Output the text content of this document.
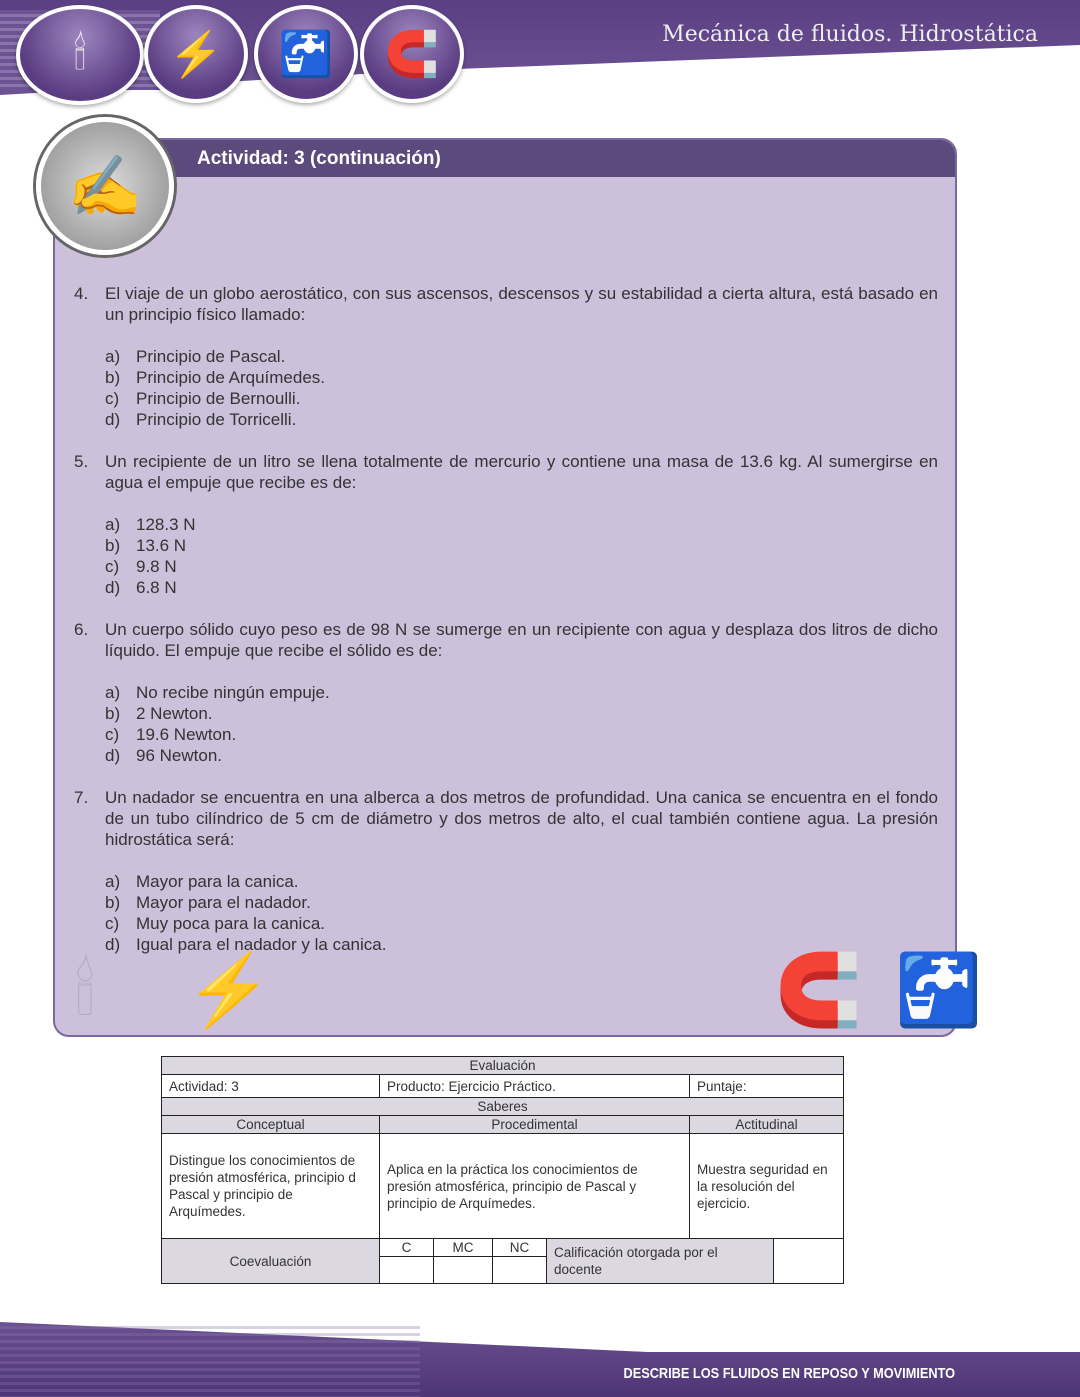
🕯	⚡	🚰	🧲	Mecánica de fluidos. Hidrostática
Actividad: 3 (continuación)
🕯 ⚡	🧲 🚰
✍
4. El viaje de un globo aerostático, con sus ascensos, descensos y su estabilidad a cierta altura, está basado en un principio físico llamado:
a) Principio de Pascal.
b) Principio de Arquímedes.
c) Principio de Bernoulli.
d) Principio de Torricelli.
5. Un recipiente de un litro se llena totalmente de mercurio y contiene una masa de 13.6 kg. Al sumergirse en agua el empuje que recibe es de:
a) 128.3 N
b) 13.6 N
c) 9.8 N
d) 6.8 N
6. Un cuerpo sólido cuyo peso es de 98 N se sumerge en un recipiente con agua y desplaza dos litros de dicho líquido. El empuje que recibe el sólido es de:
a) No recibe ningún empuje.
b) 2 Newton.
c) 19.6 Newton.
d) 96 Newton.
7. Un nadador se encuentra en una alberca a dos metros de profundidad. Una canica se encuentra en el fondo de un tubo cilíndrico de 5 cm de diámetro y dos metros de alto, el cual también contiene agua. La presión hidrostática será:
a) Mayor para la canica.
b) Mayor para el nadador.
c) Muy poca para la canica.
d) Igual para el nadador y la canica.
Evaluación						
Actividad: 3	Producto: Ejercicio Práctico.				Puntaje:	
Saberes						
Conceptual	Procedimental				Actitudinal	
Distingue los conocimientos de presión atmosférica, principio d Pascal y principio de Arquímedes.	Aplica en la práctica los conocimientos de presión atmosférica, principio de Pascal y principio de Arquímedes.				Muestra seguridad en la resolución del ejercicio.	
Coevaluación	C	MC	NC	Calificación otorgada por el docente		

DESCRIBE LOS FLUIDOS EN REPOSO Y MOVIMIENTO
